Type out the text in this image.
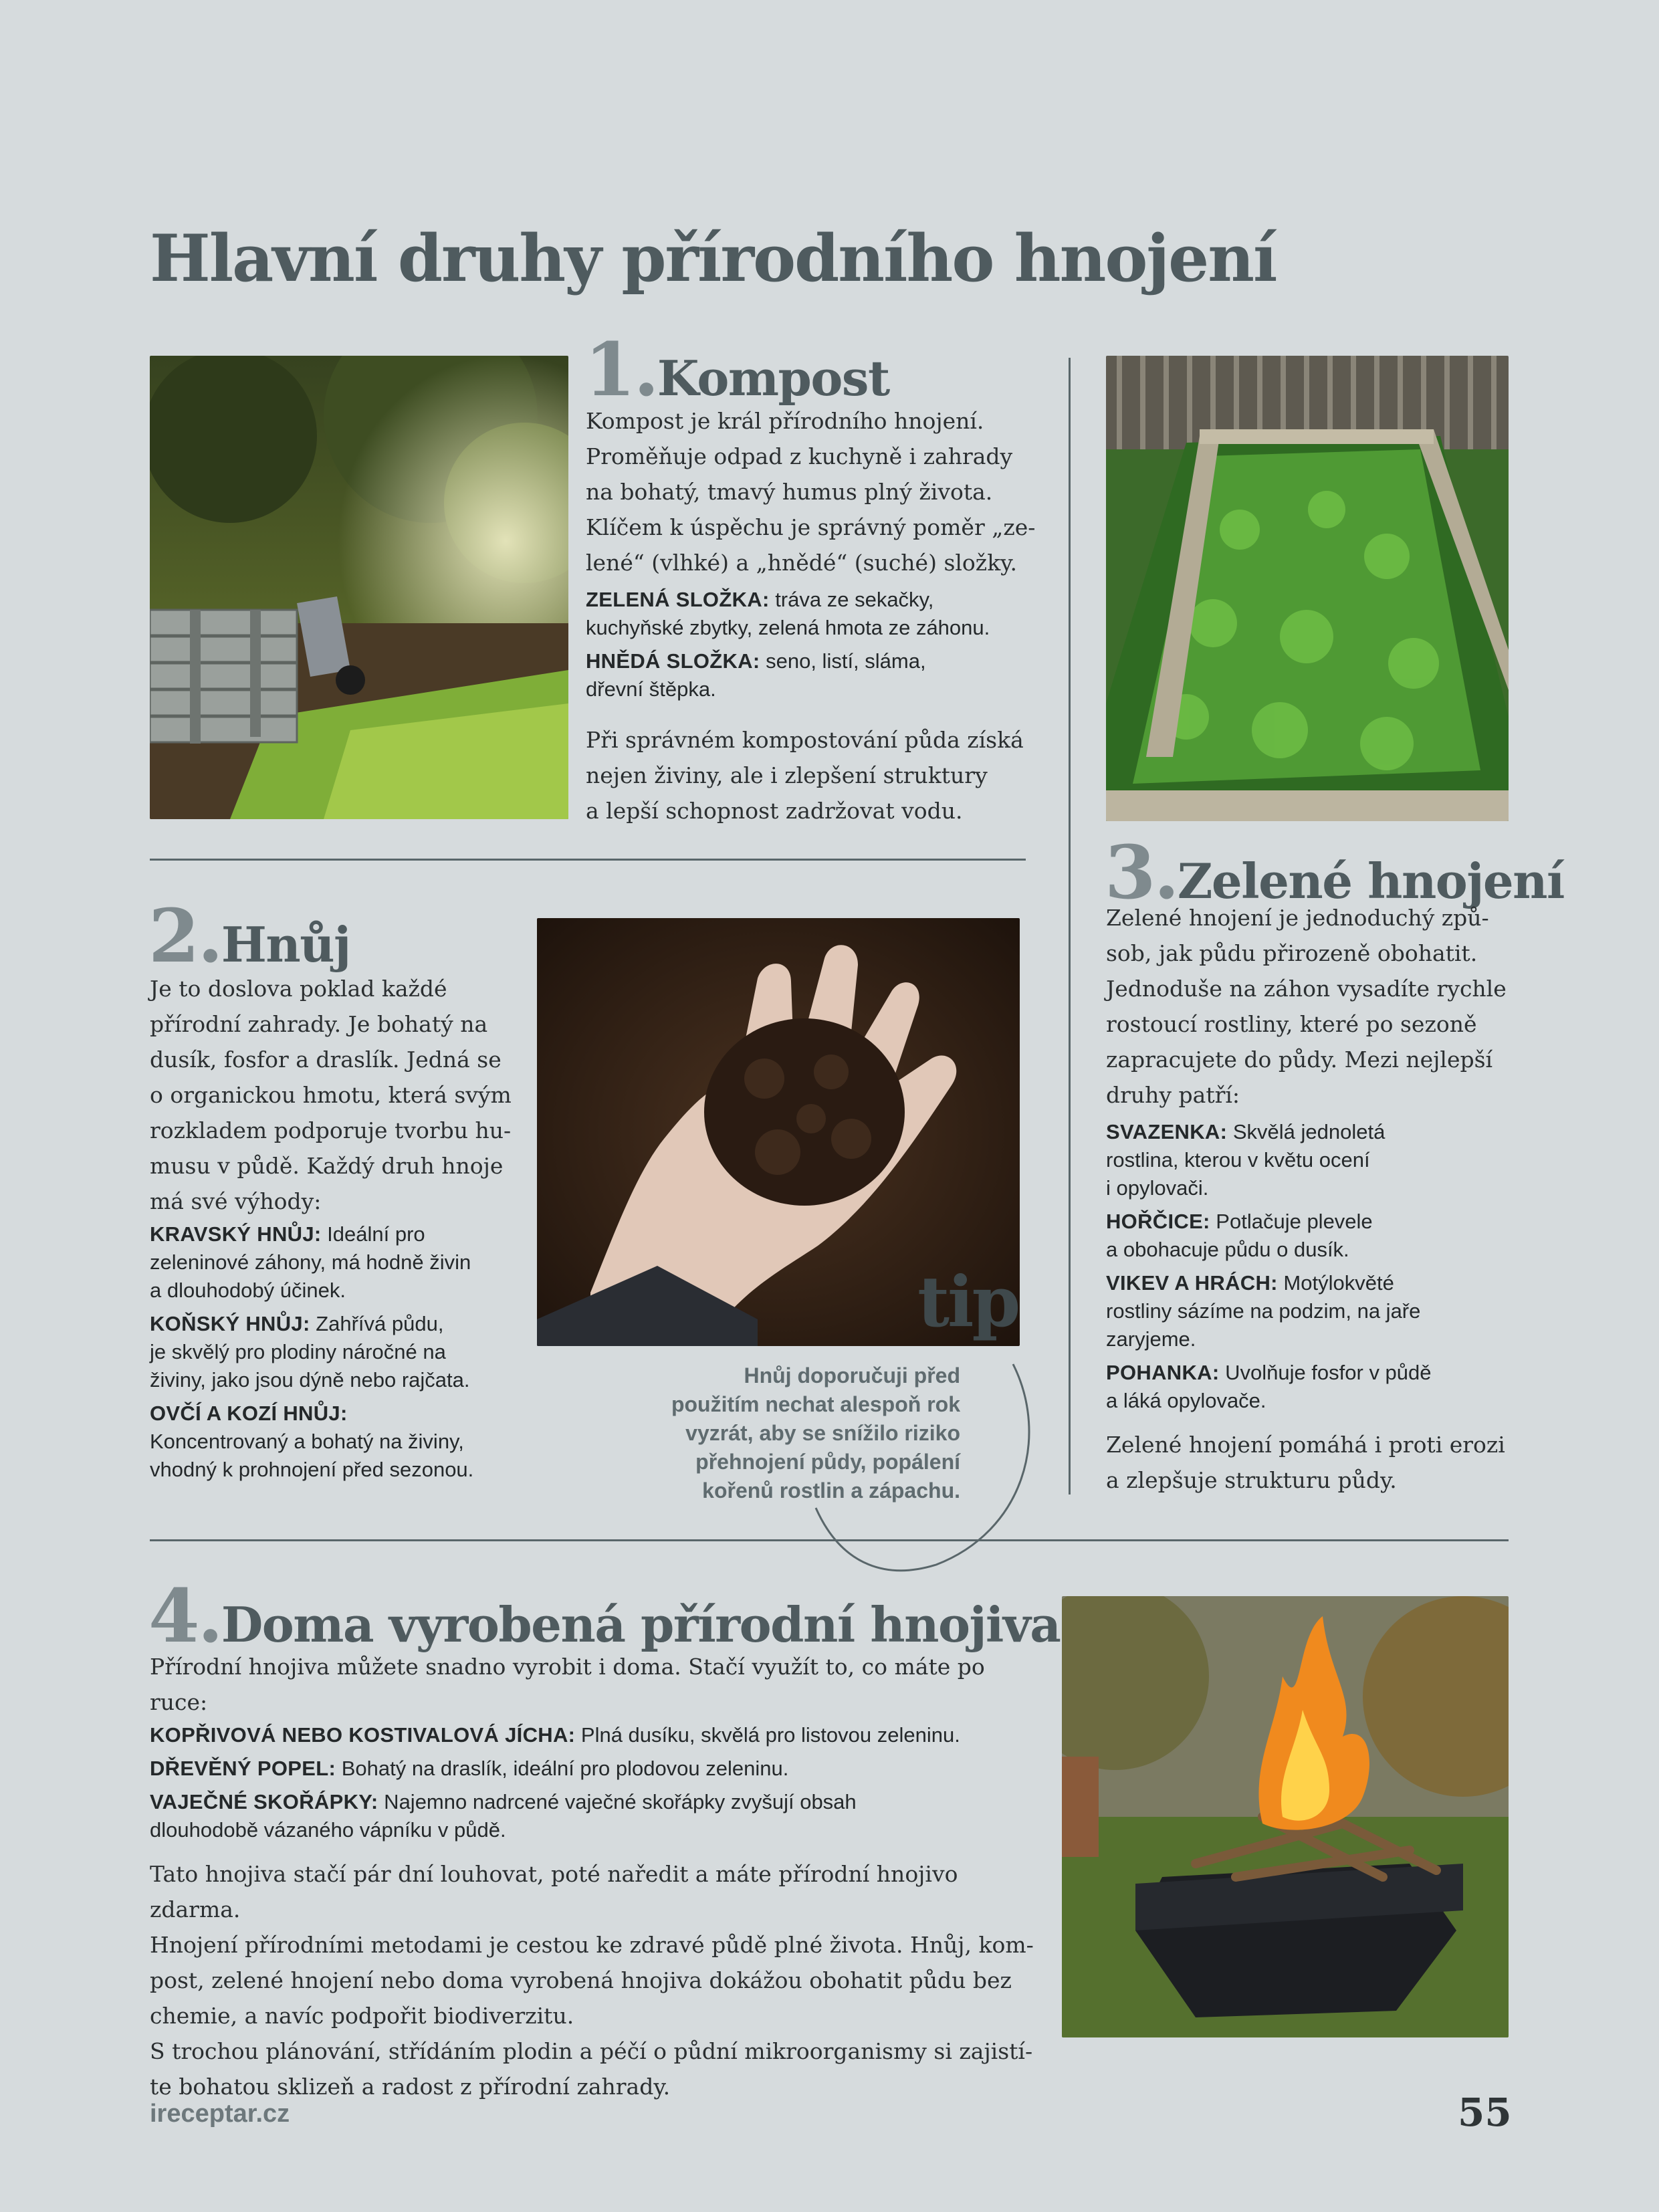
Hlavní druhy přírodního hnojení
1.Kompost

Kompost je král přírodního hnojení.

Proměňuje odpad z kuchyně i zahrady

na bohatý, tmavý humus plný života.

Klíčem k úspěchu je správný poměr „ze-

lené“ (vlhké) a „hnědé“ (suché) složky.

ZELENÁ SLOŽKA: tráva ze sekačky,
kuchyňské zbytky, zelená hmota ze záhonu.
HNĚDÁ SLOŽKA: seno, listí, sláma,
dřevní štěpka.

Při správném kompostování půda získá

nejen živiny, ale i zlepšení struktury

a lepší schopnost zadržovat vodu.

2.Hnůj

Je to doslova poklad každé

přírodní zahrady. Je bohatý na

dusík, fosfor a draslík. Jedná se

o organickou hmotu, která svým

rozkladem podporuje tvorbu hu-

musu v půdě. Každý druh hnoje

má své výhody:

KRAVSKÝ HNŮJ: Ideální pro
zeleninové záhony, má hodně živin
a dlouhodobý účinek.
KOŇSKÝ HNŮJ: Zahřívá půdu,
je skvělý pro plodiny náročné na
živiny, jako jsou dýně nebo rajčata.
OVČÍ A KOZÍ HNŮJ:
Koncentrovaný a bohatý na živiny,
vhodný k prohnojení před sezonou.
tip
Hnůj doporučuji před
použitím nechat alespoň rok
vyzrát, aby se snížilo riziko
přehnojení půdy, popálení
kořenů rostlin a zápachu.
3.Zelené hnojení

Zelené hnojení je jednoduchý způ-

sob, jak půdu přirozeně obohatit.

Jednoduše na záhon vysadíte rychle

rostoucí rostliny, které po sezoně

zapracujete do půdy. Mezi nejlepší

druhy patří:

SVAZENKA: Skvělá jednoletá
rostlina, kterou v květu ocení
i opylovači.
HOŘČICE: Potlačuje plevele
a obohacuje půdu o dusík.
VIKEV A HRÁCH: Motýlokvěté
rostliny sázíme na podzim, na jaře
zaryjeme.
POHANKA: Uvolňuje fosfor v půdě
a láká opylovače.

Zelené hnojení pomáhá i proti erozi

a zlepšuje strukturu půdy.

4.Doma vyrobená přírodní hnojiva

Přírodní hnojiva můžete snadno vyrobit i doma. Stačí využít to, co máte po ruce:

KOPŘIVOVÁ NEBO KOSTIVALOVÁ JÍCHA: Plná dusíku, skvělá pro listovou zeleninu.
DŘEVĚNÝ POPEL: Bohatý na draslík, ideální pro plodovou zeleninu.
VAJEČNÉ SKOŘÁPKY: Najemno nadrcené vaječné skořápky zvyšují obsah
dlouhodobě vázaného vápníku v půdě.

Tato hnojiva stačí pár dní louhovat, poté naředit a máte přírodní hnojivo zdarma.

Hnojení přírodními metodami je cestou ke zdravé půdě plné života. Hnůj, kom-

post, zelené hnojení nebo doma vyrobená hnojiva dokážou obohatit půdu bez

chemie, a navíc podpořit biodiverzitu.

S trochou plánování, střídáním plodin a péčí o půdní mikroorganismy si zajistí-

te bohatou sklizeň a radost z přírodní zahrady.

ireceptar.cz	55
